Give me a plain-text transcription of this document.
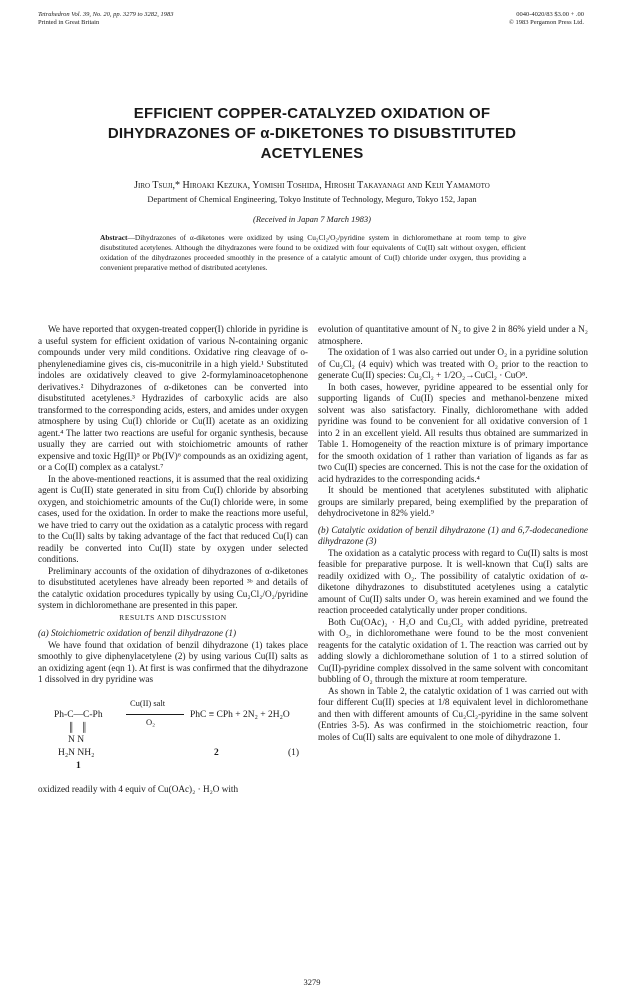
Tetrahedron Vol. 39, No. 20, pp. 3279 to 3282, 1983
Printed in Great Britain
0040-4020/83 $3.00 + .00
© 1983 Pergamon Press Ltd.
EFFICIENT COPPER-CATALYZED OXIDATION OF
DIHYDRAZONES OF α-DIKETONES TO DISUBSTITUTED
ACETYLENES
Jiro Tsuji,* Hiroaki Kezuka, Yomishi Toshida, Hiroshi Takayanagi and Keiji Yamamoto
Department of Chemical Engineering, Tokyo Institute of Technology, Meguro, Tokyo 152, Japan
(Received in Japan 7 March 1983)
Abstract—Dihydrazones of α-diketones were oxidized by using Cu₂Cl₂/O₂/pyridine system in dichloromethane at room temp to give disubstituted acetylenes. Although the dihydrazones were found to be oxidized with four equivalents of Cu(II) salt without oxygen, efficient oxidation of the dihydrazones proceeded smoothly in the presence of a catalytic amount of Cu(I) chloride under oxygen, thus providing a convenient preparative method of distributed acetylenes.

We have reported that oxygen-treated copper(I) chloride in pyridine is a useful system for efficient oxidation of various N-containing organic compounds under very mild conditions. Oxidative ring cleavage of o-phenylenediamine gives cis, cis-muconitrile in a high yield.¹ Substituted indoles are oxidatively cleaved to give 2-formylaminoacetophenone derivatives.² Dihydrazones of α-diketones can be converted into disubstituted acetylenes.³ Hydrazides of carboxylic acids are also transformed to the corresponding acids, esters, and amides under oxygen atmosphere by using Cu(I) chloride or Cu(II) acetate as an oxidizing agent.⁴ The latter two reactions are useful for organic synthesis, because usually they are carried out with stoichiometric amounts of rather expensive and toxic Hg(II)⁵ or Pb(IV)⁶ compounds as an oxidizing agent, or a Co(II) complex as a catalyst.⁷

In the above-mentioned reactions, it is assumed that the real oxidizing agent is Cu(II) state generated in situ from Cu(I) chloride by absorbing oxygen, and stoichiometric amounts of the Cu(I) chloride were, in some cases, used for the oxidation. In order to make the reactions more useful, we have tried to carry out the oxidation as a catalytic process with regard to the Cu(II) salts by taking advantage of the fact that reduced Cu(I) can readily be converted into Cu(II) state by oxygen under selected conditions.

Preliminary accounts of the oxidation of dihydrazones of α-diketones to disubstituted acetylenes have already been reported ³ᵇ and details of the catalytic oxidation procedures typically by using Cu₂Cl₂/O₂/pyridine system in dichloromethane are presented in this paper.

RESULTS AND DISCUSSION

(a) Stoichiometric oxidation of benzil dihydrazone (1)

We have found that oxidation of benzil dihydrazone (1) takes place smoothly to give diphenylacetylene (2) by using various Cu(II) salts as an oxidizing agent (eqn 1). At first is was confirmed that the dihydrazone 1 dissolved in dry pyridine was

Ph-C—C-Ph
Cu(II) salt
O₂
PhC ≡ CPh + 2N₂ + 2H₂O
║   ║
N N
H₂N NH₂
1
2	(1)

oxidized readily with 4 equiv of Cu(OAc)₂ · H₂O with

evolution of quantitative amount of N₂ to give 2 in 86% yield under a N₂ atmosphere.

The oxidation of 1 was also carried out under O₂ in a pyridine solution of Cu₂Cl₂ (4 equiv) which was treated with O₂ prior to the reaction to generate Cu(II) species: Cu₂Cl₂ + 1/2O₂→CuCl₂ · CuO⁸.

In both cases, however, pyridine appeared to be essential only for supporting ligands of Cu(II) species and methanol-benzene mixed solvent was also satisfactory. Finally, dichloromethane with added pyridine was found to be convenient for all oxidative conversion of 1 into 2 in an excellent yield. All results thus obtained are summarized in Table 1. Homogeneity of the reaction mixture is of primary importance for the smooth oxidation of 1 rather than variation of ligands as far as two Cu(II) species are concerned. This is not the case for the oxidation of acid hydrazides to the corresponding acids.⁴

It should be mentioned that acetylenes substituted with aliphatic groups are similarly prepared, being exemplified by the preparation of dehydrocivetone in 82% yield.⁹

(b) Catalytic oxidation of benzil dihydrazone (1) and 6,7-dodecanedione dihydrazone (3)

The oxidation as a catalytic process with regard to Cu(II) salts is most feasible for preparative purpose. It is well-known that Cu(I) salts are readily oxidized with O₂. The possibility of catalytic oxidation of α-diketone dihydrazones to disubstituted acetylenes using a catalytic amount of Cu(II) salts under O₂ was herein examined and we found the reaction proceeded catalytically under proper conditions.

Both Cu(OAc)₂ · H₂O and Cu₂Cl₂ with added pyridine, pretreated with O₂, in dichloromethane were found to be the most convenient reagents for the catalytic oxidation of 1. The reaction was carried out by adding slowly a dichloromethane solution of 1 to a stirred solution of Cu(II)-pyridine complex dissolved in the same solvent with concomitant bubbling of O₂ through the mixture at room temperature.

As shown in Table 2, the catalytic oxidation of 1 was carried out with four different Cu(II) species at 1/8 equivalent level in dichloromethane and then with different amounts of Cu₂Cl₂-pyridine in the same solvent (Entries 3-5). As was confirmed in the stoichiometric reaction, four moles of Cu(II) salts are equivalent to one mole of dihydrazone 1.

3279
